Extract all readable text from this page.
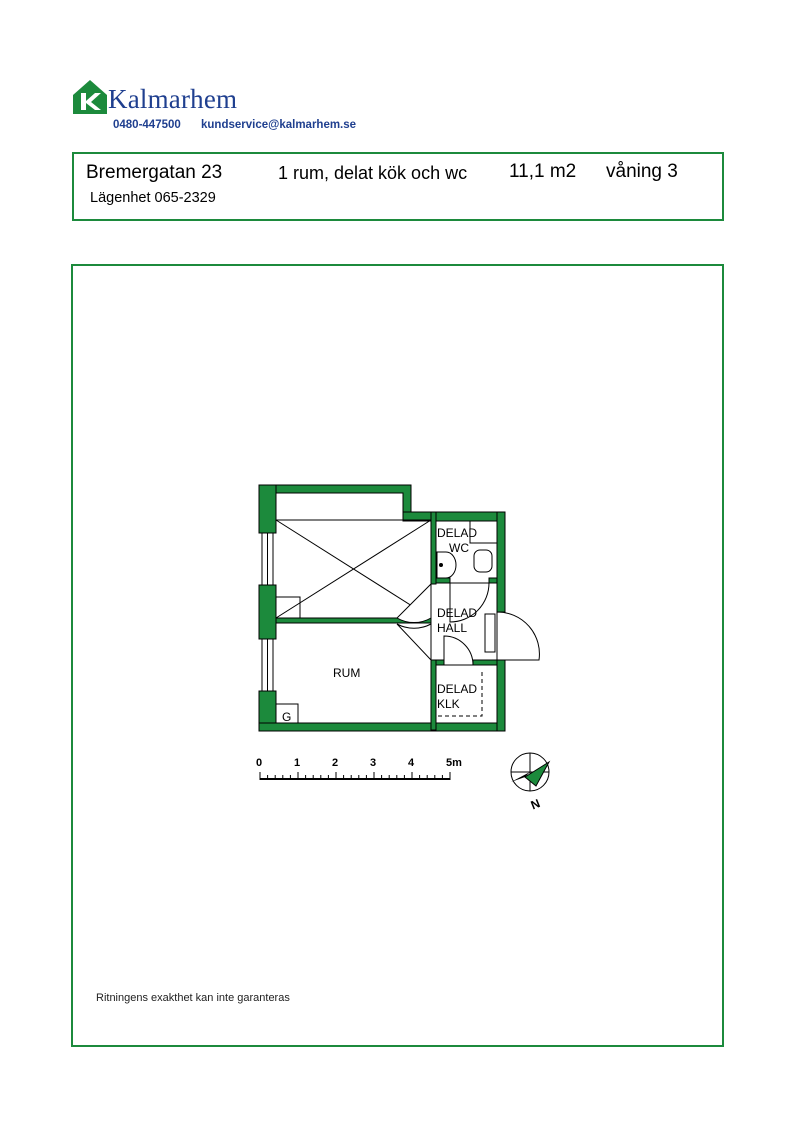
Kalmarhem
0480-447500 kundservice@kalmarhem.se
Bremergatan 23	1 rum, delat kök och wc 11,1 m2 våning 3
Lägenhet 065-2329
DELAD
WC
DELAD
HALL
RUM
DELAD
KLK
G
0	1	2	3	4	5m
N
Ritningens exakthet kan inte garanteras
